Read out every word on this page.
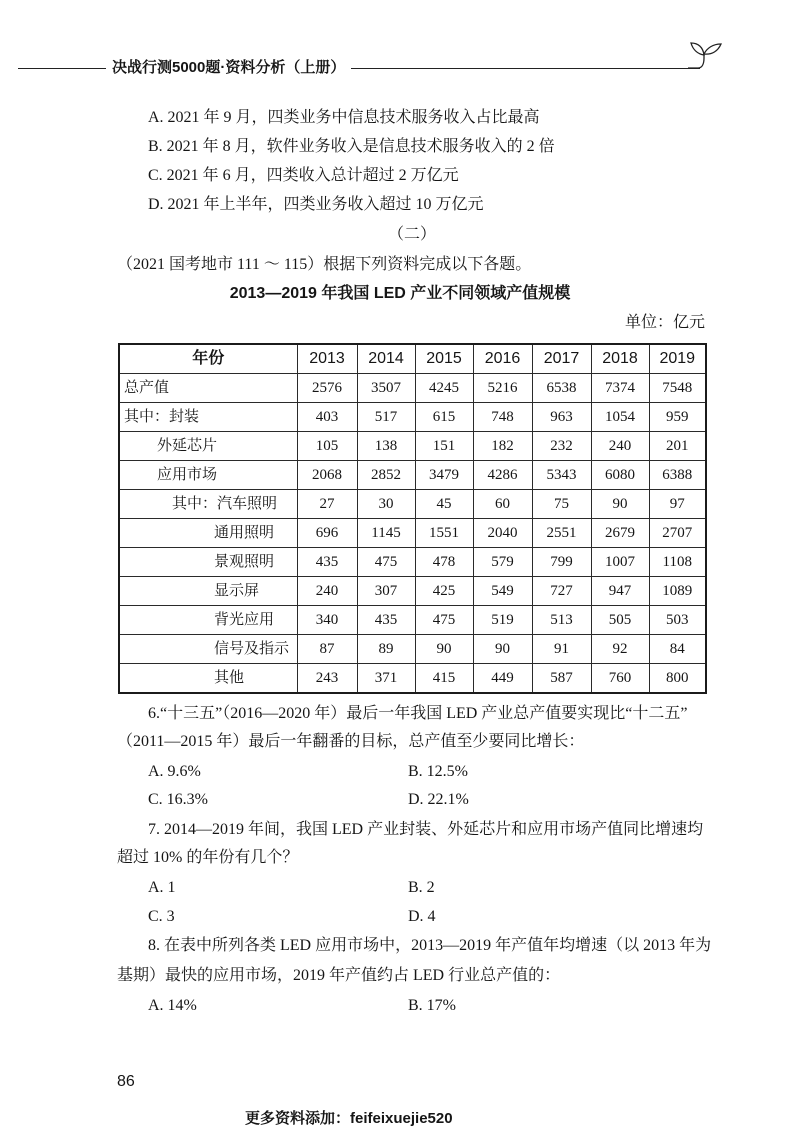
决战行测5000题·资料分析（上册）
A. 2021 年 9 月，四类业务中信息技术服务收入占比最高
B. 2021 年 8 月，软件业务收入是信息技术服务收入的 2 倍
C. 2021 年 6 月，四类收入总计超过 2 万亿元
D. 2021 年上半年，四类业务收入超过 10 万亿元
（二）
（2021 国考地市 111 ～ 115）根据下列资料完成以下各题。
2013—2019 年我国 LED 产业不同领域产值规模
单位：亿元
年份	2013	2014	2015	2016	2017	2018	2019
总产值	2576	3507	4245	5216	6538	7374	7548
其中：封装	403	517	615	748	963	1054	959
外延芯片	105	138	151	182	232	240	201
应用市场	2068	2852	3479	4286	5343	6080	6388
其中：汽车照明	27	30	45	60	75	90	97
通用照明	696	1145	1551	2040	2551	2679	2707
景观照明	435	475	478	579	799	1007	1108
显示屏	240	307	425	549	727	947	1089
背光应用	340	435	475	519	513	505	503
信号及指示	87	89	90	90	91	92	84
其他	243	371	415	449	587	760	800
6.“十三五”（2016—2020 年）最后一年我国 LED 产业总产值要实现比“十二五”
（2011—2015 年）最后一年翻番的目标，总产值至少要同比增长：
A. 9.6%	B. 12.5%
C. 16.3%	D. 22.1%
7. 2014—2019 年间，我国 LED 产业封装、外延芯片和应用市场产值同比增速均
超过 10% 的年份有几个？
A. 1	B. 2
C. 3	D. 4
8. 在表中所列各类 LED 应用市场中，2013—2019 年产值年均增速（以 2013 年为
基期）最快的应用市场，2019 年产值约占 LED 行业总产值的：
A. 14%	B. 17%
86
更多资料添加：feifeixuejie520
